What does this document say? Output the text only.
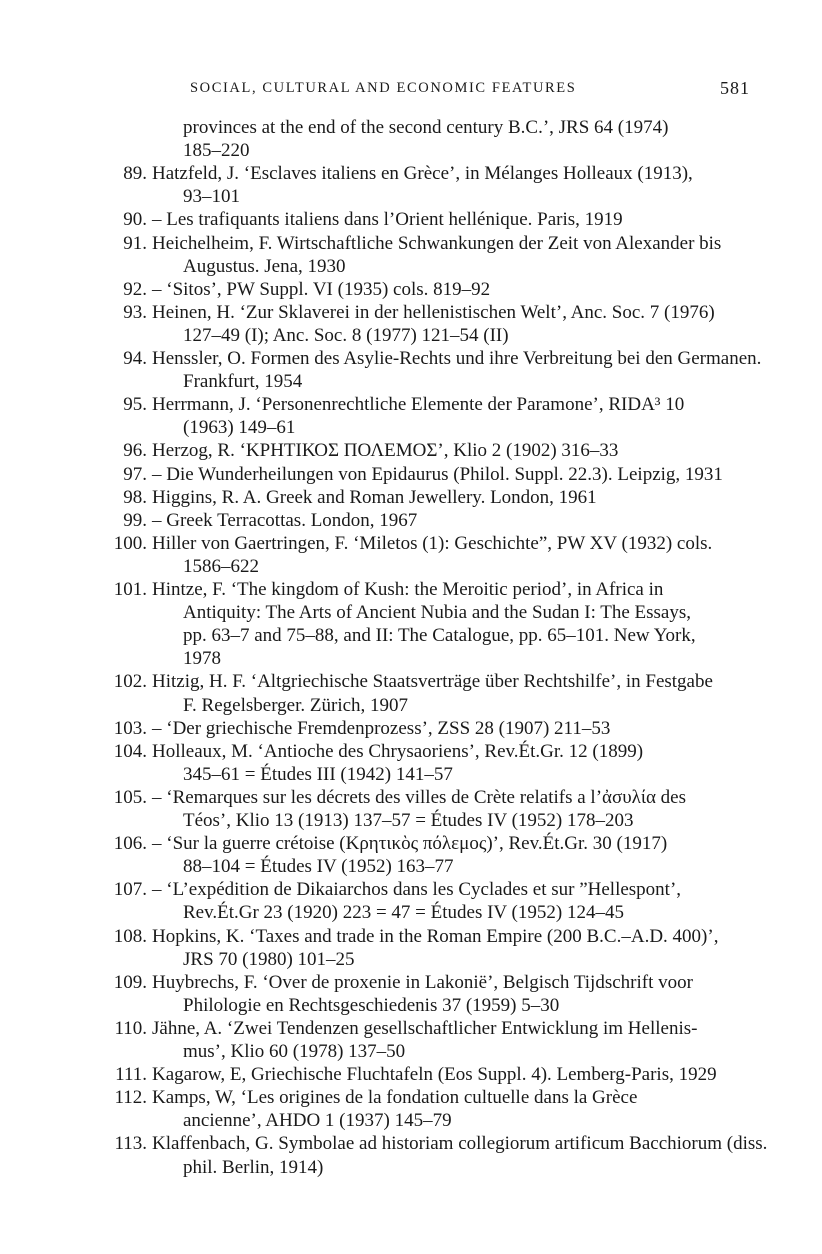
SOCIAL, CULTURAL AND ECONOMIC FEATURES	581
provinces at the end of the second century B.C.’, JRS 64 (1974)
185–220
89. Hatzfeld, J. ‘Esclaves italiens en Grèce’, in Mélanges Holleaux (1913),
93–101
90. – Les trafiquants italiens dans l’Orient hellénique. Paris, 1919
91. Heichelheim, F. Wirtschaftliche Schwankungen der Zeit von Alexander bis
Augustus. Jena, 1930
92. – ‘Sitos’, PW Suppl. VI (1935) cols. 819–92
93. Heinen, H. ‘Zur Sklaverei in der hellenistischen Welt’, Anc. Soc. 7 (1976)
127–49 (I); Anc. Soc. 8 (1977) 121–54 (II)
94. Henssler, O. Formen des Asylie-Rechts und ihre Verbreitung bei den Germanen.
Frankfurt, 1954
95. Herrmann, J. ‘Personenrechtliche Elemente der Paramone’, RIDA³ 10
(1963) 149–61
96. Herzog, R. ‘ΚΡΗΤΙΚΟΣ ΠΟΛΕΜΟΣ’, Klio 2 (1902) 316–33
97. – Die Wunderheilungen von Epidaurus (Philol. Suppl. 22.3). Leipzig, 1931
98. Higgins, R. A. Greek and Roman Jewellery. London, 1961
99. – Greek Terracottas. London, 1967
100. Hiller von Gaertringen, F. ‘Miletos (1): Geschichte”, PW XV (1932) cols.
1586–622
101. Hintze, F. ‘The kingdom of Kush: the Meroitic period’, in Africa in
Antiquity: The Arts of Ancient Nubia and the Sudan I: The Essays,
pp. 63–7 and 75–88, and II: The Catalogue, pp. 65–101. New York,
1978
102. Hitzig, H. F. ‘Altgriechische Staatsverträge über Rechtshilfe’, in Festgabe
F. Regelsberger. Zürich, 1907
103. – ‘Der griechische Fremdenprozess’, ZSS 28 (1907) 211–53
104. Holleaux, M. ‘Antioche des Chrysaoriens’, Rev.Ét.Gr. 12 (1899)
345–61 = Études III (1942) 141–57
105. – ‘Remarques sur les décrets des villes de Crète relatifs a l’ἀσυλία des
Téos’, Klio 13 (1913) 137–57 = Études IV (1952) 178–203
106. – ‘Sur la guerre crétoise (Κρητικὸς πόλεμος)’, Rev.Ét.Gr. 30 (1917)
88–104 = Études IV (1952) 163–77
107. – ‘L’expédition de Dikaiarchos dans les Cyclades et sur ”Hellespont’,
Rev.Ét.Gr 23 (1920) 223 = 47 = Études IV (1952) 124–45
108. Hopkins, K. ‘Taxes and trade in the Roman Empire (200 B.C.–A.D. 400)’,
JRS 70 (1980) 101–25
109. Huybrechs, F. ‘Over de proxenie in Lakonië’, Belgisch Tijdschrift voor
Philologie en Rechtsgeschiedenis 37 (1959) 5–30
110. Jähne, A. ‘Zwei Tendenzen gesellschaftlicher Entwicklung im Hellenis-
mus’, Klio 60 (1978) 137–50
111. Kagarow, E, Griechische Fluchtafeln (Eos Suppl. 4). Lemberg-Paris, 1929
112. Kamps, W, ‘Les origines de la fondation cultuelle dans la Grèce
ancienne’, AHDO 1 (1937) 145–79
113. Klaffenbach, G. Symbolae ad historiam collegiorum artificum Bacchiorum (diss.
phil. Berlin, 1914)
